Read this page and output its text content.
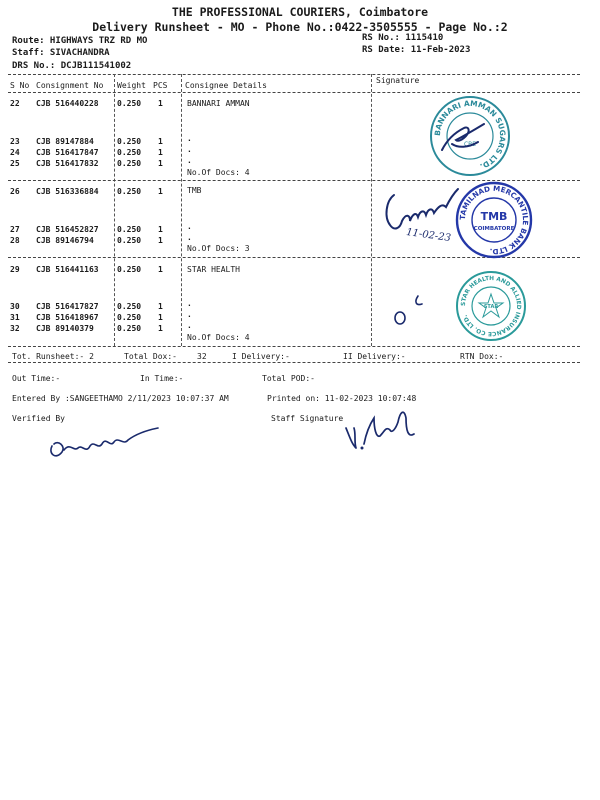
THE PROFESSIONAL COURIERS, Coimbatore
Delivery Runsheet - MO - Phone No.:0422-3505555 - Page No.:2
Route: HIGHWAYS TRZ RD MO
Staff: SIVACHANDRA
DRS No.: DCJB111541002
RS No.: 1115410
RS Date: 11-Feb-2023
S No Consignment No Weight PCS Consignee Details
Signature
22 CJB 516440228 0.250 1	BANNARI AMMAN
23 CJB 89147884	0.250 1	.
24 CJB 516417847 0.250 1	.
25 CJB 516417832 0.250 1	.
No.Of Docs: 4
26 CJB 516336884 0.250 1	TMB
27 CJB 516452827 0.250 1	.
28 CJB 89146794	0.250 1	.
No.Of Docs: 3
29 CJB 516441163 0.250 1	STAR HEALTH
30 CJB 516417827 0.250 1	.
31 CJB 516418967 0.250 1	.
32 CJB 89140379	0.250 1	.
No.Of Docs: 4
BANNARI AMMAN SUGARS LTD.
CBE
TAMILNAD MERCANTILE BANK LTD.
TMB
COIMBATORE
11-02-23
STAR HEALTH AND ALLIED INSURANCE CO. LTD.
STAR
Tot. Runsheet:- 2	Total Dox:-	32	I Delivery:-	II Delivery:-	RTN Dox:-
Out Time:-	In Time:-	Total POD:-
Entered By :SANGEETHAMO 2/11/2023 10:07:37 AM	Printed on: 11-02-2023 10:07:48
Verified By	Staff Signature
